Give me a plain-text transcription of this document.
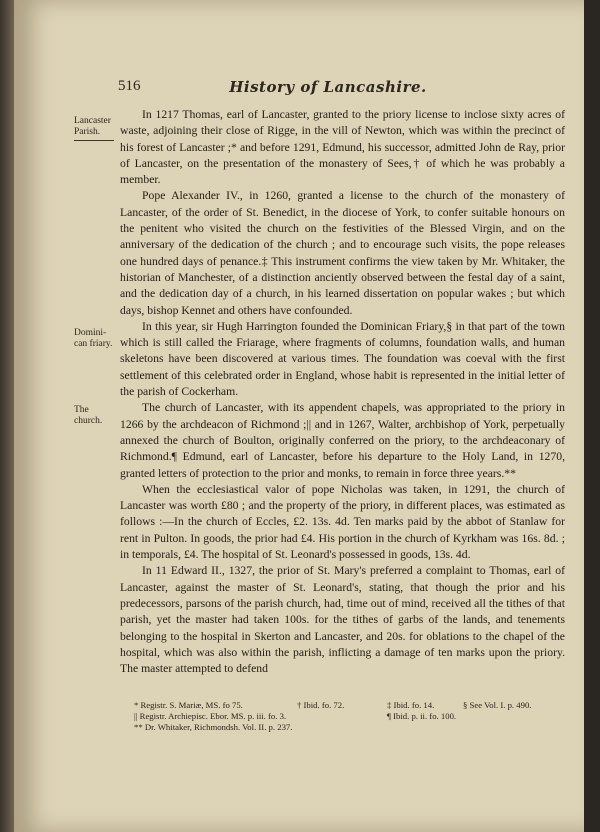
516	History of Lancashire.
Lancaster Parish.
Domini-can friary.
The church.

In 1217 Thomas, earl of Lancaster, granted to the priory license to inclose sixty acres of waste, adjoining their close of Rigge, in the vill of Newton, which was within the precinct of his forest of Lancaster ;* and before 1291, Edmund, his successor, admitted John de Ray, prior of Lancaster, on the presentation of the monastery of Sees,† of which he was probably a member.

Pope Alexander IV., in 1260, granted a license to the church of the monastery of Lancaster, of the order of St. Benedict, in the diocese of York, to confer suitable honours on the penitent who visited the church on the festivities of the Blessed Virgin, and on the anniversary of the dedication of the church ; and to encourage such visits, the pope releases one hundred days of penance.‡ This instrument confirms the view taken by Mr. Whitaker, the historian of Manchester, of a distinction anciently observed between the festal day of a saint, and the dedication day of a church, in his learned dissertation on popular wakes ; but which days, bishop Kennet and others have confounded.

In this year, sir Hugh Harrington founded the Dominican Friary,§ in that part of the town which is still called the Friarage, where fragments of columns, foundation walls, and human skeletons have been discovered at various times. The foundation was coeval with the first settlement of this celebrated order in England, whose habit is represented in the initial letter of the parish of Cockerham.

The church of Lancaster, with its appendent chapels, was appropriated to the priory in 1266 by the archdeacon of Richmond ;|| and in 1267, Walter, archbishop of York, perpetually annexed the church of Boulton, originally conferred on the priory, to the archdeaconary of Richmond.¶ Edmund, earl of Lancaster, before his departure to the Holy Land, in 1270, granted letters of protection to the prior and monks, to remain in force three years.**

When the ecclesiastical valor of pope Nicholas was taken, in 1291, the church of Lancaster was worth £80 ; and the property of the priory, in different places, was estimated as follows :—In the church of Eccles, £2. 13s. 4d. Ten marks paid by the abbot of Stanlaw for rent in Pulton. In goods, the prior had £4. His portion in the church of Kyrkham was 16s. 8d. ; in temporals, £4. The hospital of St. Leonard's possessed in goods, 13s. 4d.

In 11 Edward II., 1327, the prior of St. Mary's preferred a complaint to Thomas, earl of Lancaster, against the master of St. Leonard's, stating, that though the prior and his predecessors, parsons of the parish church, had, time out of mind, received all the tithes of that parish, yet the master had taken 100s. for the tithes of garbs of the lands, and tenements belonging to the hospital in Skerton and Lancaster, and 20s. for oblations to the chapel of the hospital, which was also within the parish, inflicting a damage of ten marks upon the priory. The master attempted to defend

* Registr. S. Mariæ, MS. fo 75.	† Ibid. fo. 72.	‡ Ibid. fo. 14.	§ See Vol. I. p. 490.
|| Registr. Archiepisc. Ebor. MS. p. iii. fo. 3.	¶ Ibid. p. ii. fo. 100.
** Dr. Whitaker, Richmondsh. Vol. II. p. 237.
